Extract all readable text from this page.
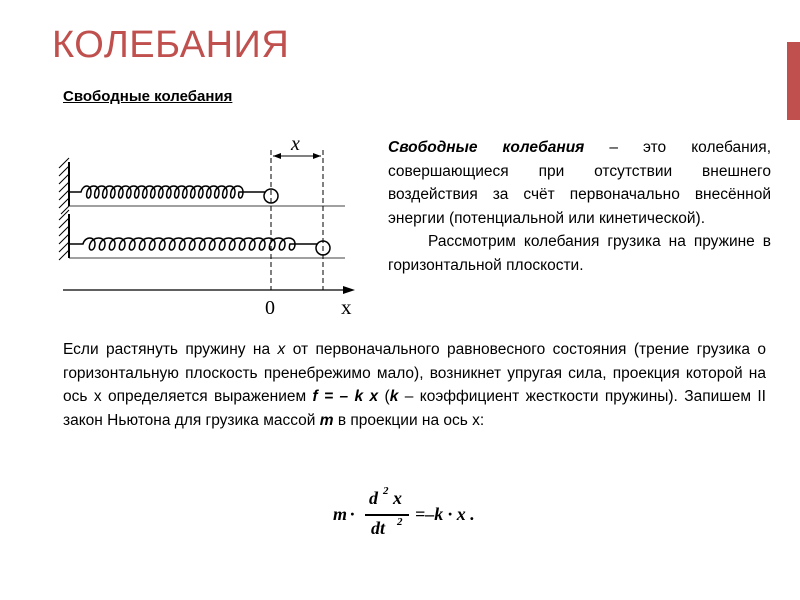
КОЛЕБАНИЯ
Свободные колебания
x
0	x

Свободные колебания – это колебания, совершающиеся при отсутствии внешнего воздействия за счёт первоначально внесённой энергии (потенциальной или кинетической).

Рассмотрим колебания грузика на пружине в горизонтальной плоскости.

Если растянуть пружину на x от первоначального равновесного состояния (трение грузика о горизонтальную плоскость пренебрежимо мало), возникнет упругая сила, проекция которой на ось х определяется выражением f = – k x (k – коэффициент жесткости пружины). Запишем II закон Ньютона для грузика массой m в проекции на ось х:

m ·
d 2 x
dt 2 =–k · x .
